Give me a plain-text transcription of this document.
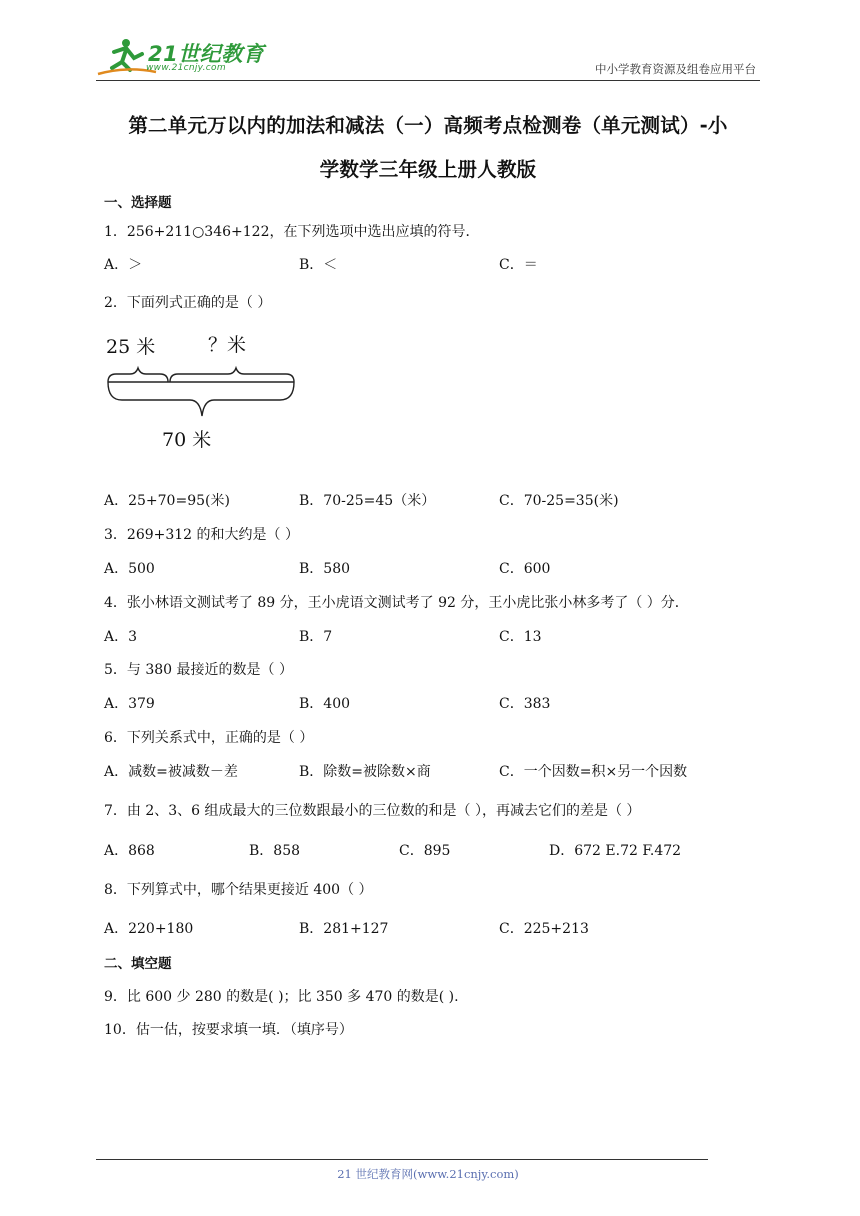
21世纪教育
www.21cnjy.com	中小学教育资源及组卷应用平台
第二单元万以内的加法和减法（一）高频考点检测卷（单元测试）-小
学数学三年级上册人教版
一、选择题
1．256+211○346+122，在下列选项中选出应填的符号．
A．＞	B．＜	C．＝
2．下面列式正确的是（ ）
25 米	？米
70 米
A．25+70=95(米)	B．70-25=45（米）	C．70-25=35(米)
3．269+312 的和大约是（ ）
A．500	B．580	C．600
4．张小林语文测试考了 89 分，王小虎语文测试考了 92 分，王小虎比张小林多考了（ ）分．
A．3	B．7	C．13
5．与 380 最接近的数是（ ）
A．379	B．400	C．383
6．下列关系式中，正确的是（ ）
A．减数=被减数－差	B．除数=被除数×商	C．一个因数=积×另一个因数
7．由 2、3、6 组成最大的三位数跟最小的三位数的和是（ ），再减去它们的差是（ ）
A．868	B．858	C．895	D．672 E.72 F.472
8．下列算式中，哪个结果更接近 400（ ）
A．220+180	B．281+127	C．225+213
二、填空题
9．比 600 少 280 的数是( )；比 350 多 470 的数是( ).
10．估一估，按要求填一填．（填序号）
21 世纪教育网(www.21cnjy.com)
